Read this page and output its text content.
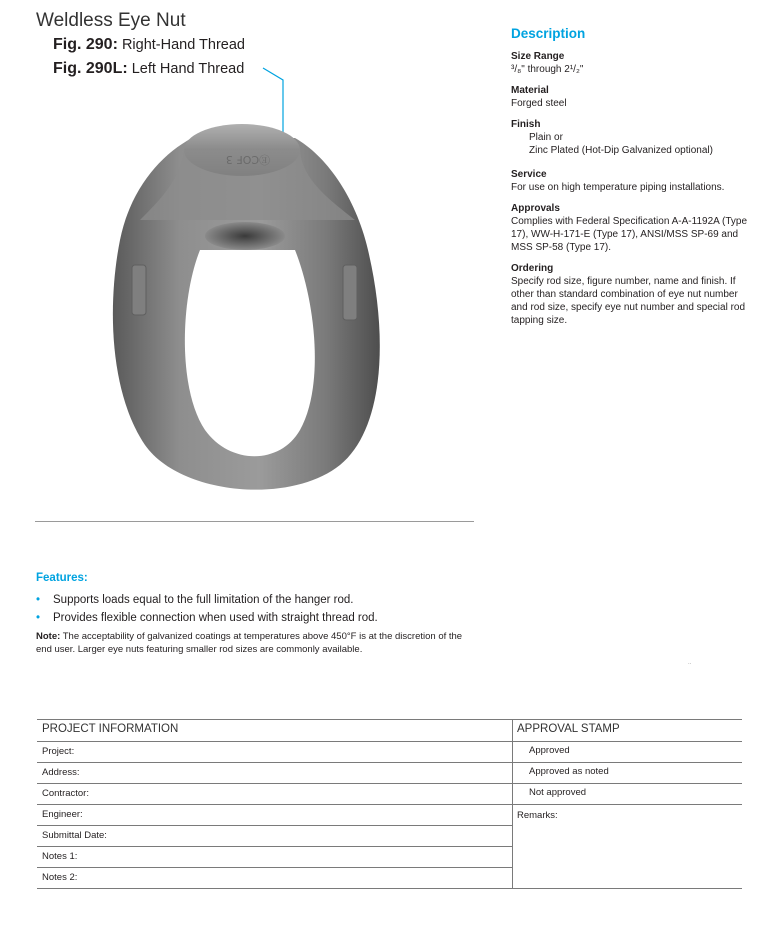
Weldless Eye Nut
Fig. 290: Right-Hand Thread
Fig. 290L: Left Hand Thread
ⒺCOF 3
Description
Size Range
³/₈" through 2¹/₂"
Material
Forged steel
Finish
Plain or
Zinc Plated (Hot-Dip Galvanized optional)
Service
For use on high temperature piping installations.
Approvals
Complies with Federal Specification A-A-1192A (Type 17), WW-H-171-E (Type 17), ANSI/MSS SP-69 and MSS SP-58 (Type 17).
Ordering
Specify rod size, figure number, name and finish. If other than standard combination of eye nut number and rod size, specify eye nut number and special rod tapping size.
Features:
• Supports loads equal to the full limitation of the hanger rod.
• Provides flexible connection when used with straight thread rod.
Note: The acceptability of galvanized coatings at temperatures above 450°F is at the discretion of the end user. Larger eye nuts featuring smaller rod sizes are commonly available.
..
PROJECT INFORMATION	APPROVAL STAMP
Project:
Address:
Contractor:
Engineer:
Submittal Date:
Notes 1:
Notes 2:
Approved
Approved as noted
Not approved
Remarks:
